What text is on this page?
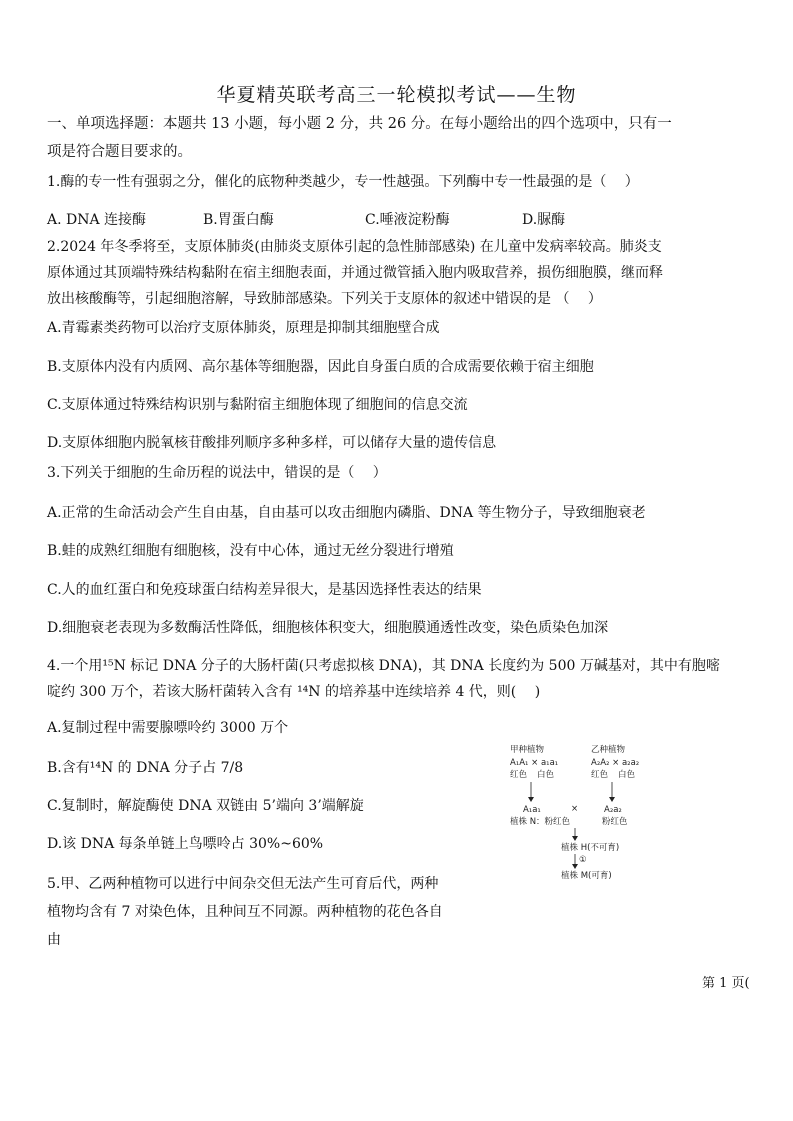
华夏精英联考高三一轮模拟考试——生物
一、单项选择题：本题共 13 小题，每小题 2 分，共 26 分。在每小题给出的四个选项中，只有一
项是符合题目要求的。
1.酶的专一性有强弱之分，催化的底物种类越少，专一性越强。下列酶中专一性最强的是（　 ）
A. DNA 连接酶	B.胃蛋白酶	C.唾液淀粉酶	D.脲酶
2.2024 年冬季将至，支原体肺炎(由肺炎支原体引起的急性肺部感染) 在儿童中发病率较高。肺炎支
原体通过其顶端特殊结构黏附在宿主细胞表面，并通过微管插入胞内吸取营养，损伤细胞膜，继而释
放出核酸酶等，引起细胞溶解，导致肺部感染。下列关于支原体的叙述中错误的是 （　 ）
A.青霉素类药物可以治疗支原体肺炎，原理是抑制其细胞壁合成
B.支原体内没有内质网、高尔基体等细胞器，因此自身蛋白质的合成需要依赖于宿主细胞
C.支原体通过特殊结构识别与黏附宿主细胞体现了细胞间的信息交流
D.支原体细胞内脱氧核苷酸排列顺序多种多样，可以储存大量的遗传信息
3.下列关于细胞的生命历程的说法中，错误的是（　 ）
A.正常的生命活动会产生自由基，自由基可以攻击细胞内磷脂、DNA 等生物分子，导致细胞衰老
B.蛙的成熟红细胞有细胞核，没有中心体，通过无丝分裂进行增殖
C.人的血红蛋白和免疫球蛋白结构差异很大，是基因选择性表达的结果
D.细胞衰老表现为多数酶活性降低，细胞核体积变大，细胞膜通透性改变，染色质染色加深
4.一个用¹⁵N 标记 DNA 分子的大肠杆菌(只考虑拟核 DNA)，其 DNA 长度约为 500 万碱基对，其中有胞嘧
啶约 300 万个，若该大肠杆菌转入含有 ¹⁴N 的培养基中连续培养 4 代，则(　 )
A.复制过程中需要腺嘌呤约 3000 万个
B.含有¹⁴N 的 DNA 分子占 7/8
C.复制时，解旋酶使 DNA 双链由 5’端向 3’端解旋
D.该 DNA 每条单链上鸟嘌呤占 30%~60%
5.甲、乙两种植物可以进行中间杂交但无法产生可育后代，两种
植物均含有 7 对染色体，且种间互不同源。两种植物的花色各自
由
甲种植物
A₁A₁ × a₁a₁
红色 白色
A₁a₁
植株 N：粉红色
乙种植物
A₂A₂ × a₂a₂
红色 白色
A₂a₂
粉红色
×
植株 H(不可育)
①
植株 M(可育)
第 1 页(
